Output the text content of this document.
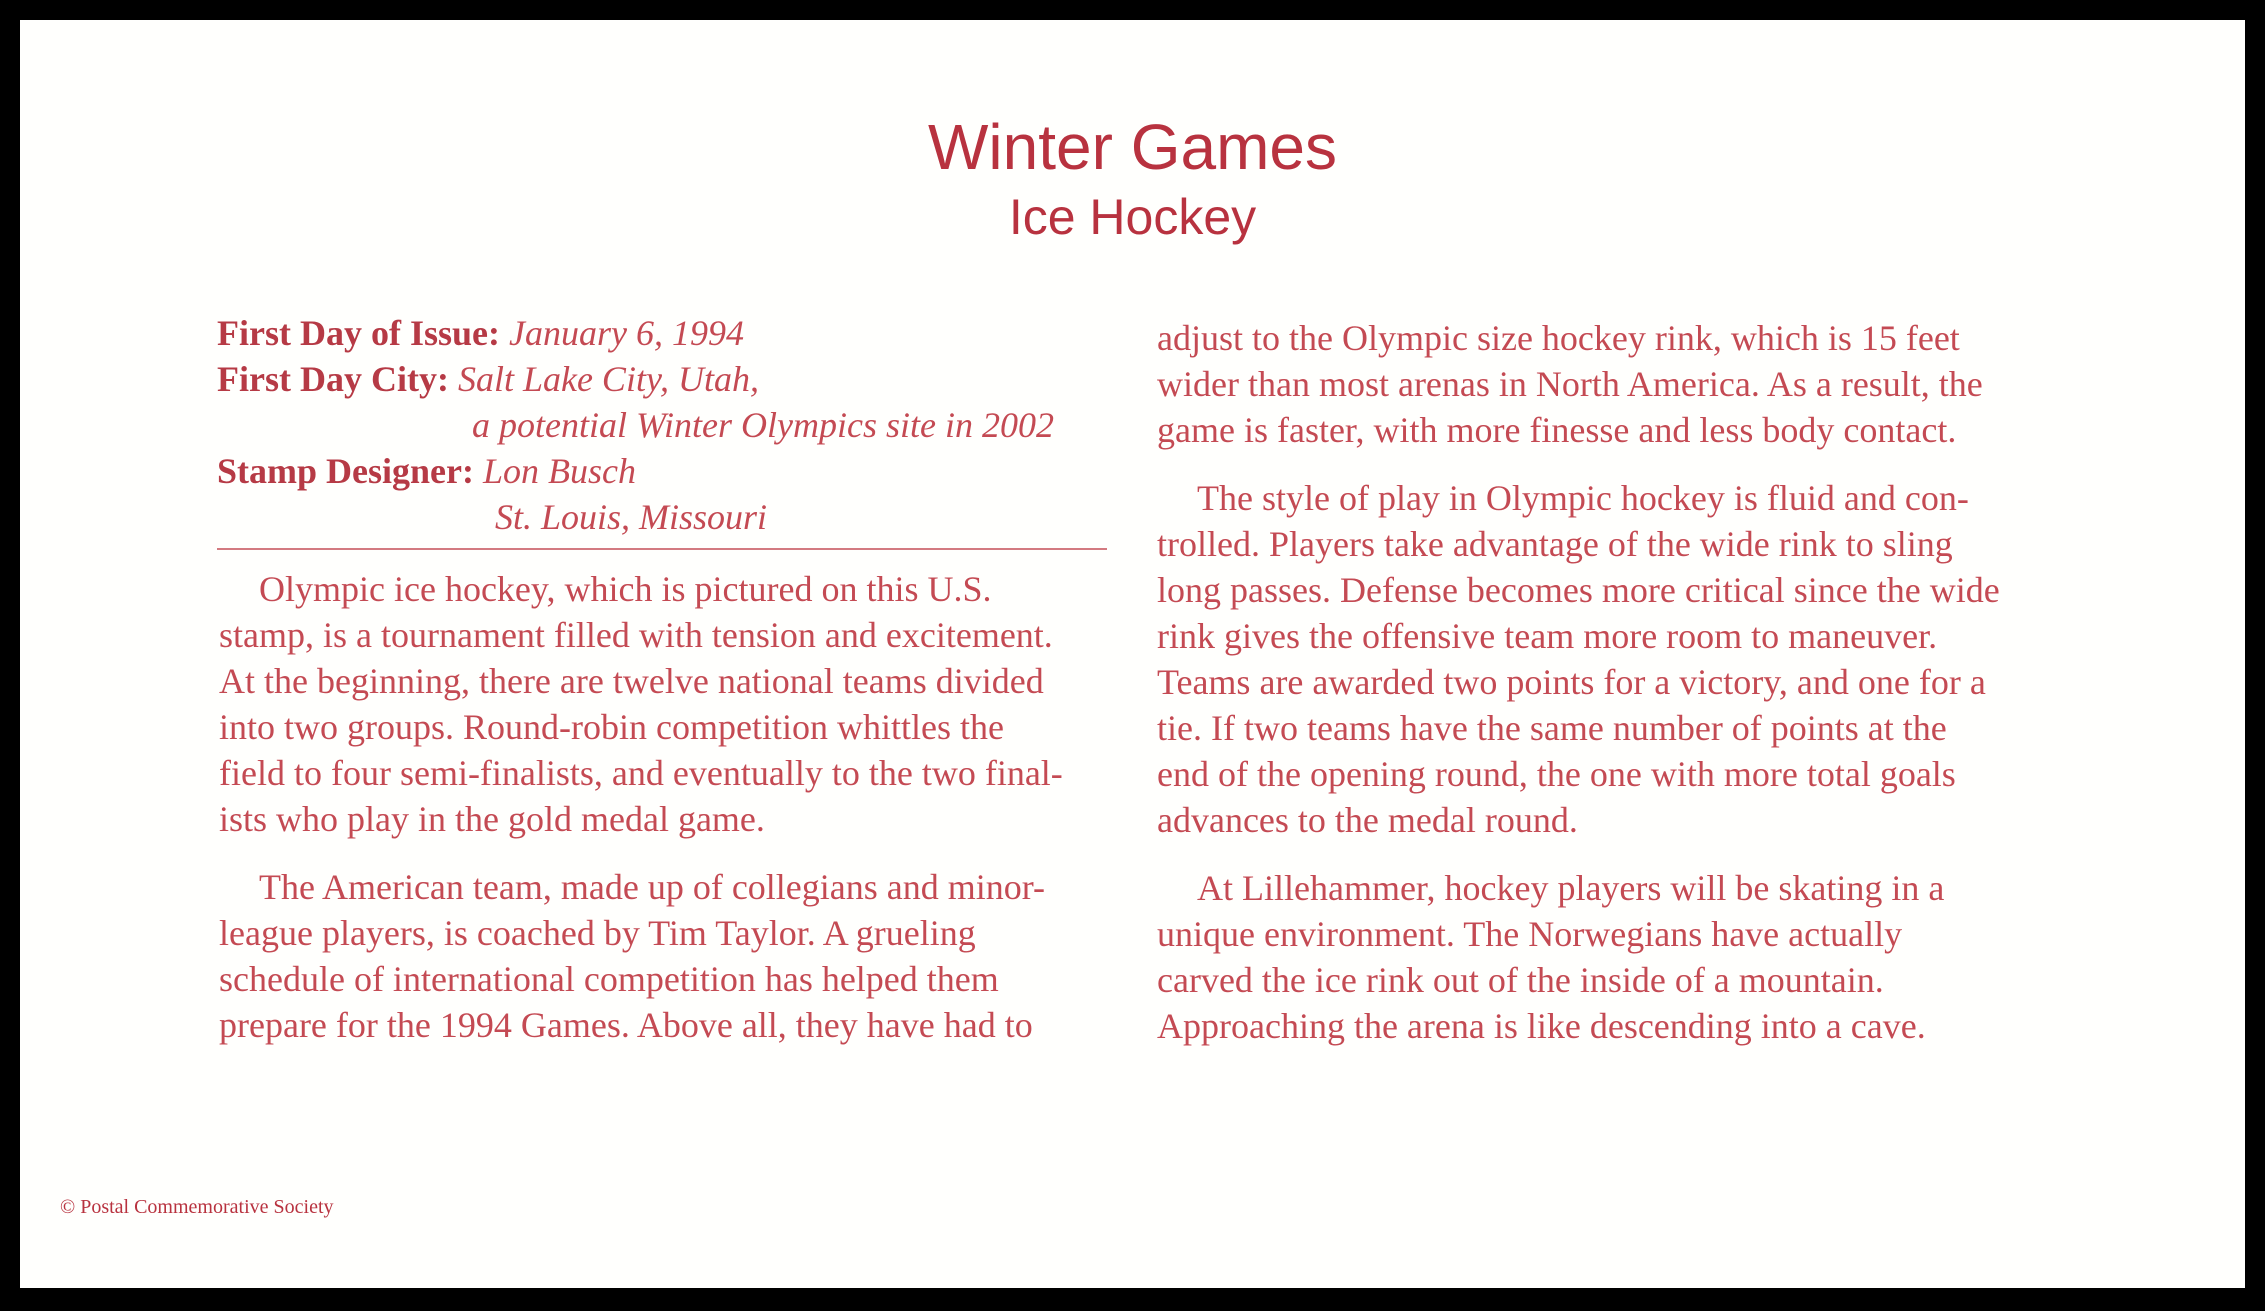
Winter Games
Ice Hockey
First Day of Issue: January 6, 1994
First Day City: Salt Lake City, Utah,
a potential Winter Olympics site in 2002
Stamp Designer: Lon Busch
St. Louis, Missouri

Olympic ice hockey, which is pictured on this U.S.
stamp, is a tournament filled with tension and excitement.
At the beginning, there are twelve national teams divided
into two groups. Round-robin competition whittles the
field to four semi-finalists, and eventually to the two final-
ists who play in the gold medal game.

The American team, made up of collegians and minor-
league players, is coached by Tim Taylor. A grueling
schedule of international competition has helped them
prepare for the 1994 Games. Above all, they have had to

adjust to the Olympic size hockey rink, which is 15 feet
wider than most arenas in North America. As a result, the
game is faster, with more finesse and less body contact.

The style of play in Olympic hockey is fluid and con-
trolled. Players take advantage of the wide rink to sling
long passes. Defense becomes more critical since the wide
rink gives the offensive team more room to maneuver.
Teams are awarded two points for a victory, and one for a
tie. If two teams have the same number of points at the
end of the opening round, the one with more total goals
advances to the medal round.

At Lillehammer, hockey players will be skating in a
unique environment. The Norwegians have actually
carved the ice rink out of the inside of a mountain.
Approaching the arena is like descending into a cave.

© Postal Commemorative Society
